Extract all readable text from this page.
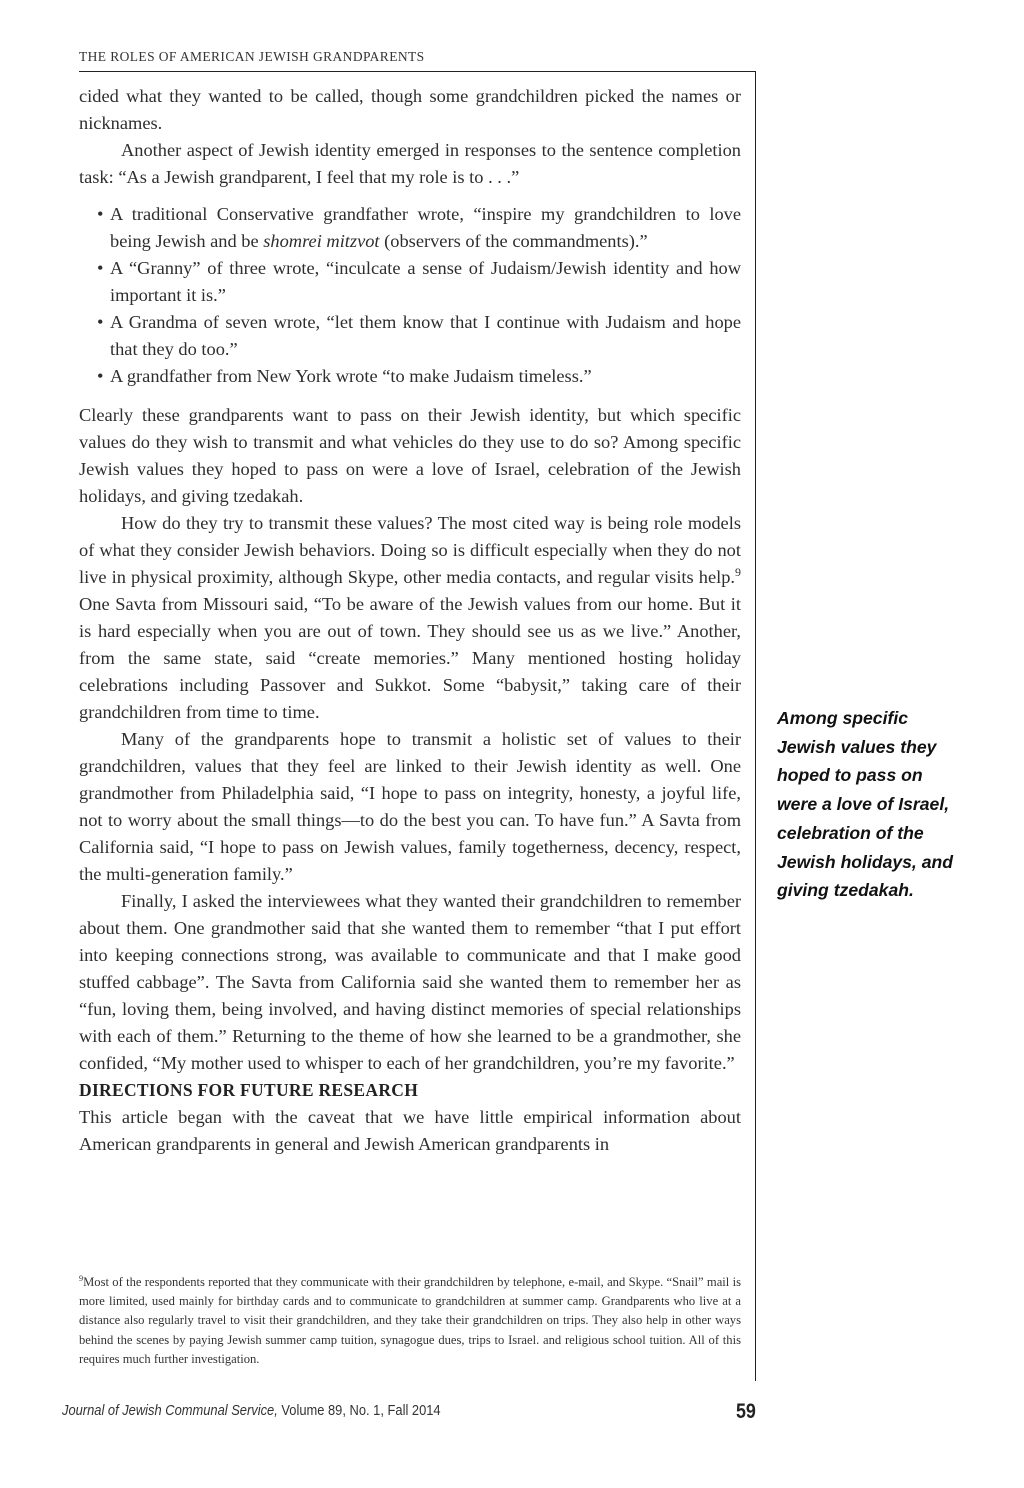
THE ROLES OF AMERICAN JEWISH GRANDPARENTS

cided what they wanted to be called, though some grandchildren picked the names or nicknames.

Another aspect of Jewish identity emerged in responses to the sentence completion task: “As a Jewish grandparent, I feel that my role is to . . .”

• A traditional Conservative grandfather wrote, “inspire my grandchildren to love being Jewish and be shomrei mitzvot (observers of the commandments).”
• A “Granny” of three wrote, “inculcate a sense of Judaism/Jewish identity and how important it is.”
• A Grandma of seven wrote, “let them know that I continue with Judaism and hope that they do too.”
• A grandfather from New York wrote “to make Judaism timeless.”

Clearly these grandparents want to pass on their Jewish identity, but which specific values do they wish to transmit and what vehicles do they use to do so? Among specific Jewish values they hoped to pass on were a love of Israel, celebration of the Jewish holidays, and giving tzedakah.

How do they try to transmit these values? The most cited way is being role models of what they consider Jewish behaviors. Doing so is difficult especially when they do not live in physical proximity, although Skype, other media contacts, and regular visits help.$^9$ One Savta from Missouri said, “To be aware of the Jewish values from our home. But it is hard especially when you are out of town. They should see us as we live.” Another, from the same state, said “create memories.” Many mentioned hosting holiday celebrations including Passover and Sukkot. Some “babysit,” taking care of their grandchildren from time to time.

Many of the grandparents hope to transmit a holistic set of values to their grandchildren, values that they feel are linked to their Jewish identity as well. One grandmother from Philadelphia said, “I hope to pass on integrity, honesty, a joyful life, not to worry about the small things—to do the best you can. To have fun.” A Savta from California said, “I hope to pass on Jewish values, family togetherness, decency, respect, the multi-generation family.”

Finally, I asked the interviewees what they wanted their grandchildren to remember about them. One grandmother said that she wanted them to remember “that I put effort into keeping connections strong, was available to communicate and that I make good stuffed cabbage”. The Savta from California said she wanted them to remember her as “fun, loving them, being involved, and having distinct memories of special relationships with each of them.” Returning to the theme of how she learned to be a grandmother, she confided, “My mother used to whisper to each of her grandchildren, you’re my favorite.”

DIRECTIONS FOR FUTURE RESEARCH

This article began with the caveat that we have little empirical information about American grandparents in general and Jewish American grandparents in

$^9$Most of the respondents reported that they communicate with their grandchildren by telephone, e-mail, and Skype. “Snail” mail is more limited, used mainly for birthday cards and to communicate to grandchildren at summer camp. Grandparents who live at a distance also regularly travel to visit their grandchildren, and they take their grandchildren on trips. They also help in other ways behind the scenes by paying Jewish summer camp tuition, synagogue dues, trips to Israel. and religious school tuition. All of this requires much further investigation.

Among specific

Jewish values they

hoped to pass on

were a love of Israel,

celebration of the

Jewish holidays, and

giving tzedakah.

Journal of Jewish Communal Service, Volume 89, No. 1, Fall 2014	59
